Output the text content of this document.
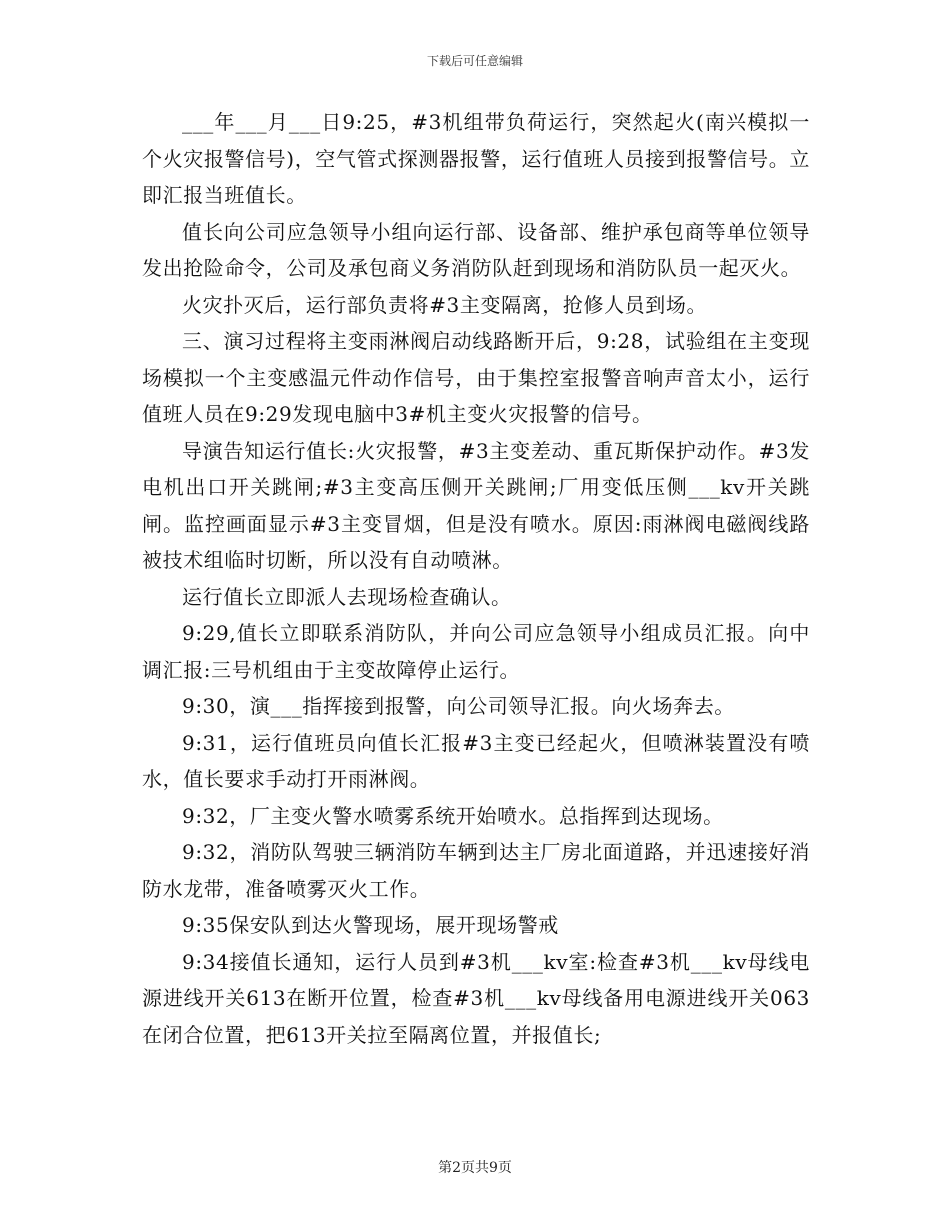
下载后可任意编辑

___年___月___日9:25，#3机组带负荷运行，突然起火(南兴模拟一个火灾报警信号)，空气管式探测器报警，运行值班人员接到报警信号。立即汇报当班值长。

值长向公司应急领导小组向运行部、设备部、维护承包商等单位领导发出抢险命令，公司及承包商义务消防队赶到现场和消防队员一起灭火。

火灾扑灭后，运行部负责将#3主变隔离，抢修人员到场。

三、演习过程将主变雨淋阀启动线路断开后，9:28，试验组在主变现场模拟一个主变感温元件动作信号，由于集控室报警音响声音太小，运行值班人员在9:29发现电脑中3#机主变火灾报警的信号。

导演告知运行值长:火灾报警，#3主变差动、重瓦斯保护动作。#3发电机出口开关跳闸;#3主变高压侧开关跳闸;厂用变低压侧___kv开关跳闸。监控画面显示#3主变冒烟，但是没有喷水。原因:雨淋阀电磁阀线路被技术组临时切断，所以没有自动喷淋。

运行值长立即派人去现场检查确认。

9:29,值长立即联系消防队，并向公司应急领导小组成员汇报。向中调汇报:三号机组由于主变故障停止运行。

9:30，演___指挥接到报警，向公司领导汇报。向火场奔去。

9:31，运行值班员向值长汇报#3主变已经起火，但喷淋装置没有喷水，值长要求手动打开雨淋阀。

9:32，厂主变火警水喷雾系统开始喷水。总指挥到达现场。

9:32，消防队驾驶三辆消防车辆到达主厂房北面道路，并迅速接好消防水龙带，准备喷雾灭火工作。

9:35保安队到达火警现场，展开现场警戒

9:34接值长通知，运行人员到#3机___kv室:检查#3机___kv母线电源进线开关613在断开位置，检查#3机___kv母线备用电源进线开关063在闭合位置，把613开关拉至隔离位置，并报值长;

第2页共9页
